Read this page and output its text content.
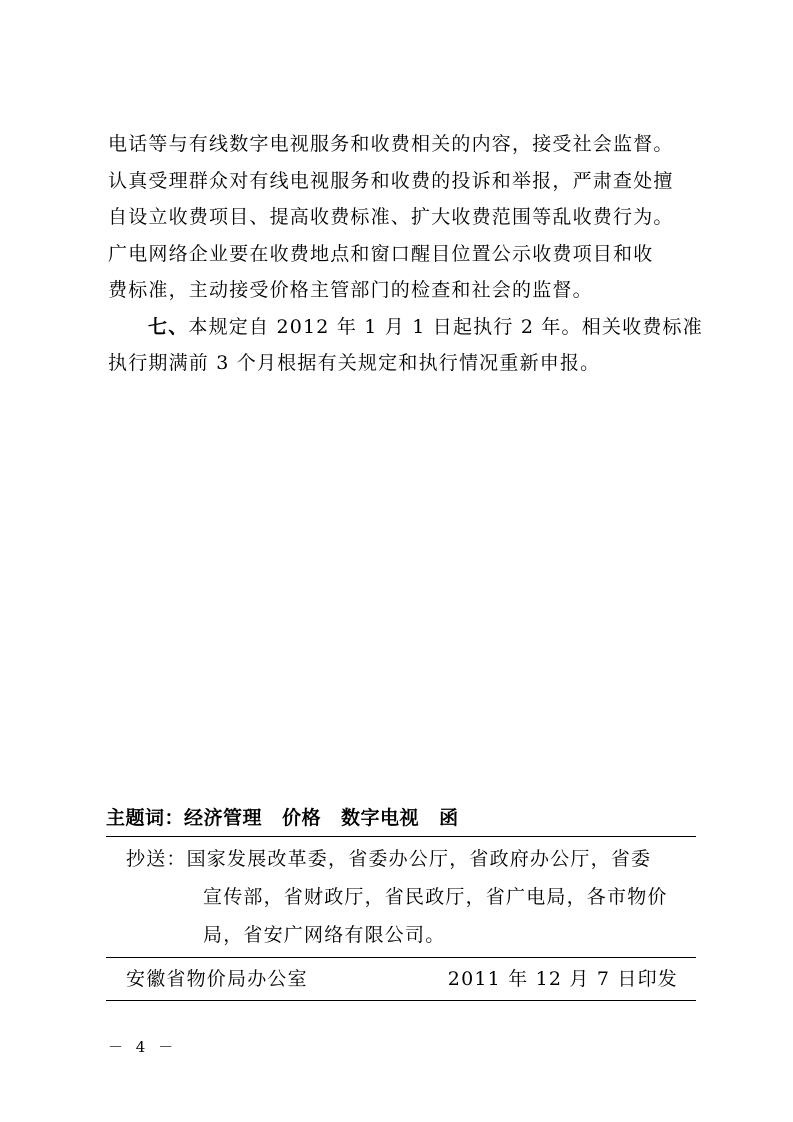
电话等与有线数字电视服务和收费相关的内容，接受社会监督。
认真受理群众对有线电视服务和收费的投诉和举报，严肃查处擅
自设立收费项目、提高收费标准、扩大收费范围等乱收费行为。
广电网络企业要在收费地点和窗口醒目位置公示收费项目和收
费标准，主动接受价格主管部门的检查和社会的监督。
七、本规定自 2012 年 1 月 1 日起执行 2 年。相关收费标准
执行期满前 3 个月根据有关规定和执行情况重新申报。
主题词：经济管理 价格 数字电视 函
抄送：国家发展改革委，省委办公厅，省政府办公厅，省委
宣传部，省财政厅，省民政厅，省广电局，各市物价
局，省安广网络有限公司。
安徽省物价局办公室	2011 年 12 月 7 日印发
－ 4 －
